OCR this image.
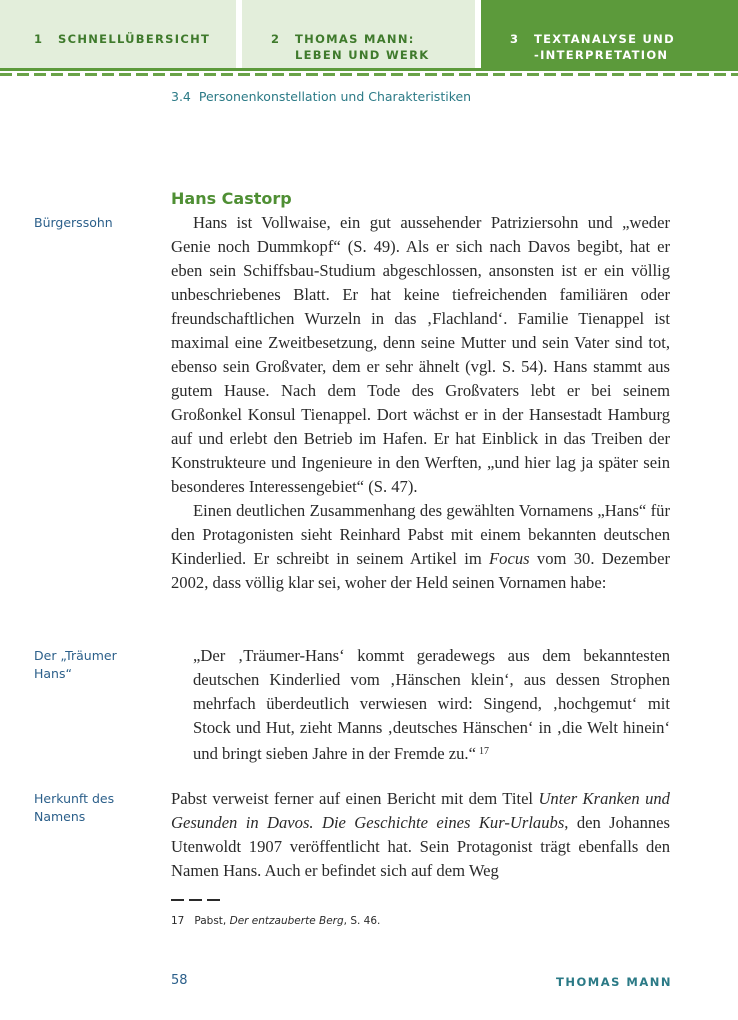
1 SCHNELLÜBERSICHT	2 THOMAS MANN: LEBEN UND WERK
3 TEXTANALYSE UND -INTERPRETATION
3.4 Personenkonstellation und Charakteristiken
Hans Castorp
Bürgerssohn
Der „Träumer Hans“
Herkunft des Namens

Hans ist Vollwaise, ein gut aussehender Patriziersohn und „weder Genie noch Dummkopf“ (S. 49). Als er sich nach Davos begibt, hat er eben sein Schiffsbau-Studium abgeschlossen, ansonsten ist er ein völlig unbeschriebenes Blatt. Er hat keine tiefreichenden familiären oder freundschaftlichen Wurzeln in das ‚Flachland‘. Familie Tienappel ist maximal eine Zweitbesetzung, denn seine Mutter und sein Vater sind tot, ebenso sein Großvater, dem er sehr ähnelt (vgl. S. 54). Hans stammt aus gutem Hause. Nach dem Tode des Großvaters lebt er bei seinem Großonkel Konsul Tienappel. Dort wächst er in der Hansestadt Hamburg auf und erlebt den Betrieb im Hafen. Er hat Einblick in das Treiben der Konstrukteure und Ingenieure in den Werften, „und hier lag ja später sein besonderes Interessengebiet“ (S. 47).

Einen deutlichen Zusammenhang des gewählten Vornamens „Hans“ für den Protagonisten sieht Reinhard Pabst mit einem bekannten deutschen Kinderlied. Er schreibt in seinem Artikel im Focus vom 30. Dezember 2002, dass völlig klar sei, woher der Held seinen Vornamen habe:

„Der ‚Träumer-Hans‘ kommt geradewegs aus dem bekanntesten deutschen Kinderlied vom ‚Hänschen klein‘, aus dessen Strophen mehrfach überdeutlich verwiesen wird: Singend, ‚hochgemut‘ mit Stock und Hut, zieht Manns ‚deutsches Hänschen‘ in ‚die Welt hinein‘ und bringt sieben Jahre in der Fremde zu.“ $^{17}$

Pabst verweist ferner auf einen Bericht mit dem Titel Unter Kranken und Gesunden in Davos. Die Geschichte eines Kur-Urlaubs, den Johannes Utenwoldt 1907 veröffentlicht hat. Sein Protagonist trägt ebenfalls den Namen Hans. Auch er befindet sich auf dem Weg

17 Pabst, Der entzauberte Berg, S. 46.
58	THOMAS MANN
